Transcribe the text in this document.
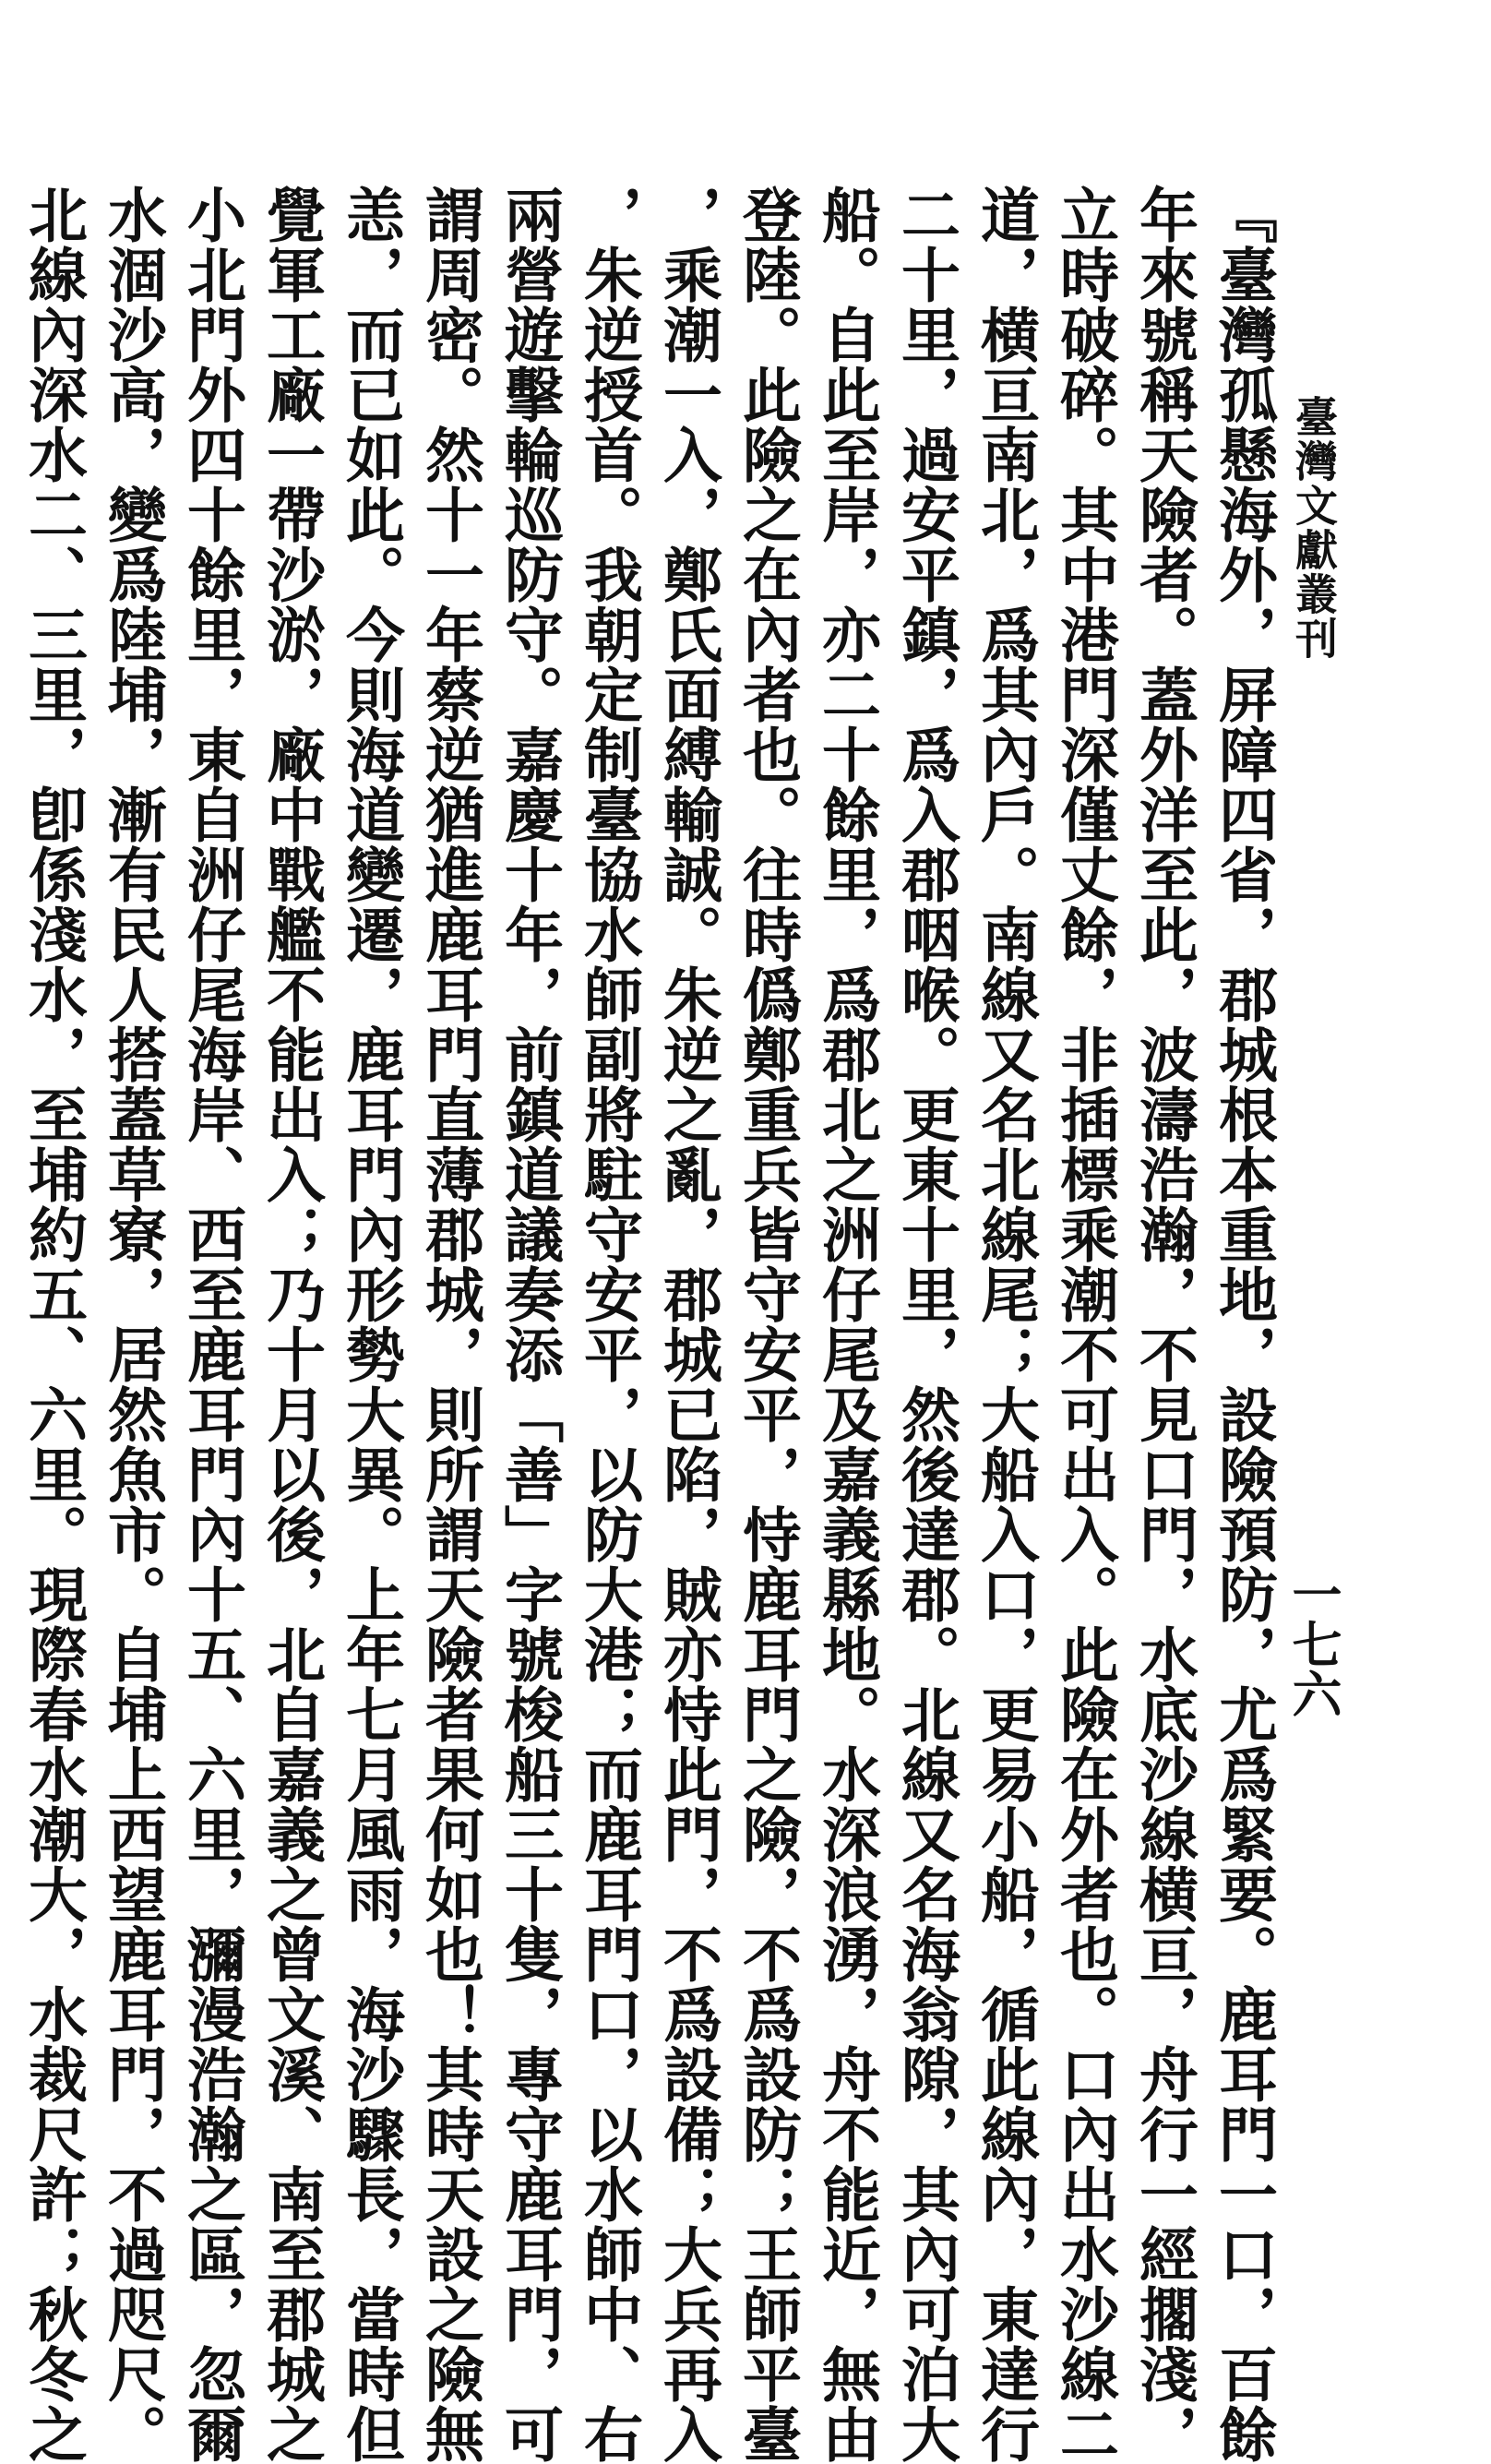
臺灣文獻叢刊
一七六
『臺灣孤懸海外，屏障四省，郡城根本重地，設險預防，尤爲緊要。鹿耳門一口，百餘
年來號稱天險者。蓋外洋至此，波濤浩瀚，不見口門，水底沙線横亘，舟行一經擱淺，
立時破碎。其中港門深僅丈餘，非插標乘潮不可出入。此險在外者也。口內出水沙線二
道，横亘南北，爲其內戶。南線又名北線尾；大船入口，更易小船，循此線內，東達行
二十里，過安平鎮，爲入郡咽喉。更東十里，然後達郡。北線又名海翁隙，其內可泊大
船。自此至岸，亦二十餘里，爲郡北之洲仔尾及嘉義縣地。水深浪湧，舟不能近，無由
登陸。此險之在內者也。往時僞鄭重兵皆守安平，恃鹿耳門之險，不爲設防；王師平臺
，乘潮一入，鄭氏面縛輸誠。朱逆之亂，郡城已陷，賊亦恃此門，不爲設備；大兵再入
，朱逆授首。我朝定制臺協水師副將駐守安平，以防大港；而鹿耳門口，以水師中、右
兩營遊擊輪巡防守。嘉慶十年，前鎮道議奏添「善」字號梭船三十隻，專守鹿耳門，可
謂周密。然十一年蔡逆猶進鹿耳門直薄郡城，則所謂天險者果何如也！其時天設之險無
恙，而已如此。今則海道變遷，鹿耳門內形勢大異。上年七月風雨，海沙驟長，當時但
覺軍工廠一帶沙淤，廠中戰艦不能出入；乃十月以後，北自嘉義之曾文溪、南至郡城之
小北門外四十餘里，東自洲仔尾海岸、西至鹿耳門內十五、六里，瀰漫浩瀚之區，忽爾
水涸沙高，變爲陸埔，漸有民人搭蓋草寮，居然魚市。自埔上西望鹿耳門，不過咫尺。
北線內深水二、三里，卽係淺水，至埔約五、六里。現際春水潮大，水裁尺許；秋冬之
